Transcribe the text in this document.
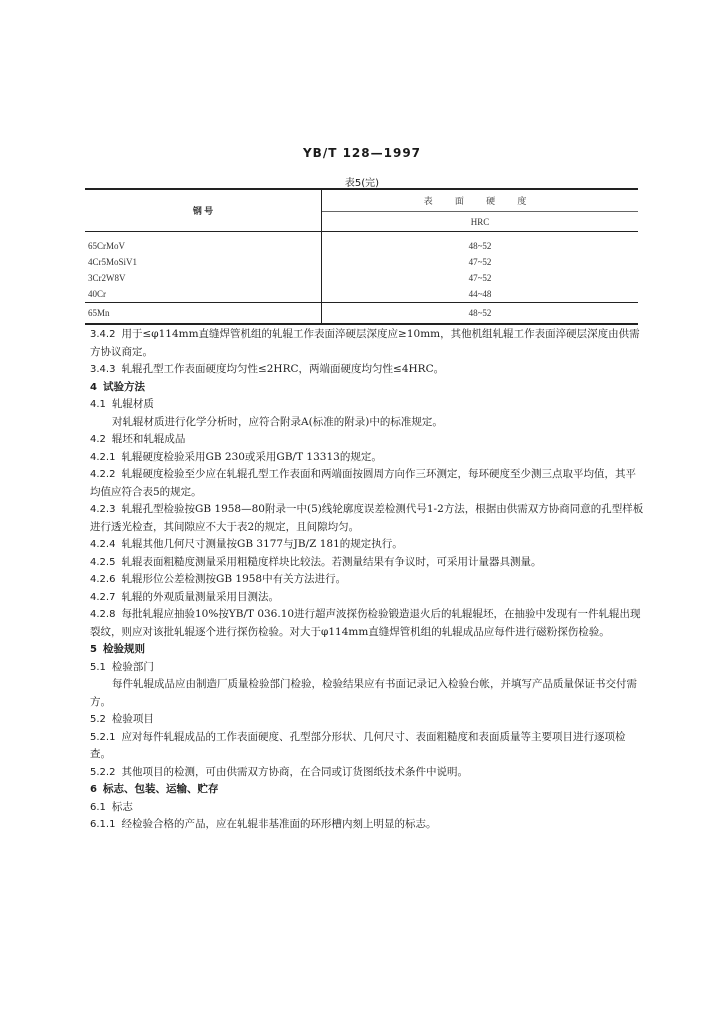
YB/T 128—1997
表5(完)
钢 号	表 面 硬 度
	HRC
65CrMoV	48~52
4Cr5MoSiV1	47~52
3Cr2W8V	47~52
40Cr	44~48
65Mn	48~52

3.4.2 用于≤φ114mm直缝焊管机组的轧辊工作表面淬硬层深度应≥10mm，其他机组轧辊工作表面淬硬层深度由供需方协议商定。

3.4.3 轧辊孔型工作表面硬度均匀性≤2HRC，两端面硬度均匀性≤4HRC。

4 试验方法

4.1 轧辊材质

对轧辊材质进行化学分析时，应符合附录A(标准的附录)中的标准规定。

4.2 辊坯和轧辊成品

4.2.1 轧辊硬度检验采用GB 230或采用GB/T 13313的规定。

4.2.2 轧辊硬度检验至少应在轧辊孔型工作表面和两端面按圆周方向作三环测定，每环硬度至少测三点取平均值，其平均值应符合表5的规定。

4.2.3 轧辊孔型检验按GB 1958—80附录一中(5)线轮廓度误差检测代号1-2方法，根据由供需双方协商同意的孔型样板进行透光检查，其间隙应不大于表2的规定，且间隙均匀。

4.2.4 轧辊其他几何尺寸测量按GB 3177与JB/Z 181的规定执行。

4.2.5 轧辊表面粗糙度测量采用粗糙度样块比较法。若测量结果有争议时，可采用计量器具测量。

4.2.6 轧辊形位公差检测按GB 1958中有关方法进行。

4.2.7 轧辊的外观质量测量采用目测法。

4.2.8 每批轧辊应抽验10%按YB/T 036.10进行超声波探伤检验锻造退火后的轧辊辊坯，在抽验中发现有一件轧辊出现裂纹，则应对该批轧辊逐个进行探伤检验。对大于φ114mm直缝焊管机组的轧辊成品应每件进行磁粉探伤检验。

5 检验规则

5.1 检验部门

每件轧辊成品应由制造厂质量检验部门检验，检验结果应有书面记录记入检验台帐，并填写产品质量保证书交付需方。

5.2 检验项目

5.2.1 应对每件轧辊成品的工作表面硬度、孔型部分形状、几何尺寸、表面粗糙度和表面质量等主要项目进行逐项检查。

5.2.2 其他项目的检测，可由供需双方协商，在合同或订货图纸技术条件中说明。

6 标志、包装、运输、贮存

6.1 标志

6.1.1 经检验合格的产品，应在轧辊非基准面的环形槽内刻上明显的标志。
